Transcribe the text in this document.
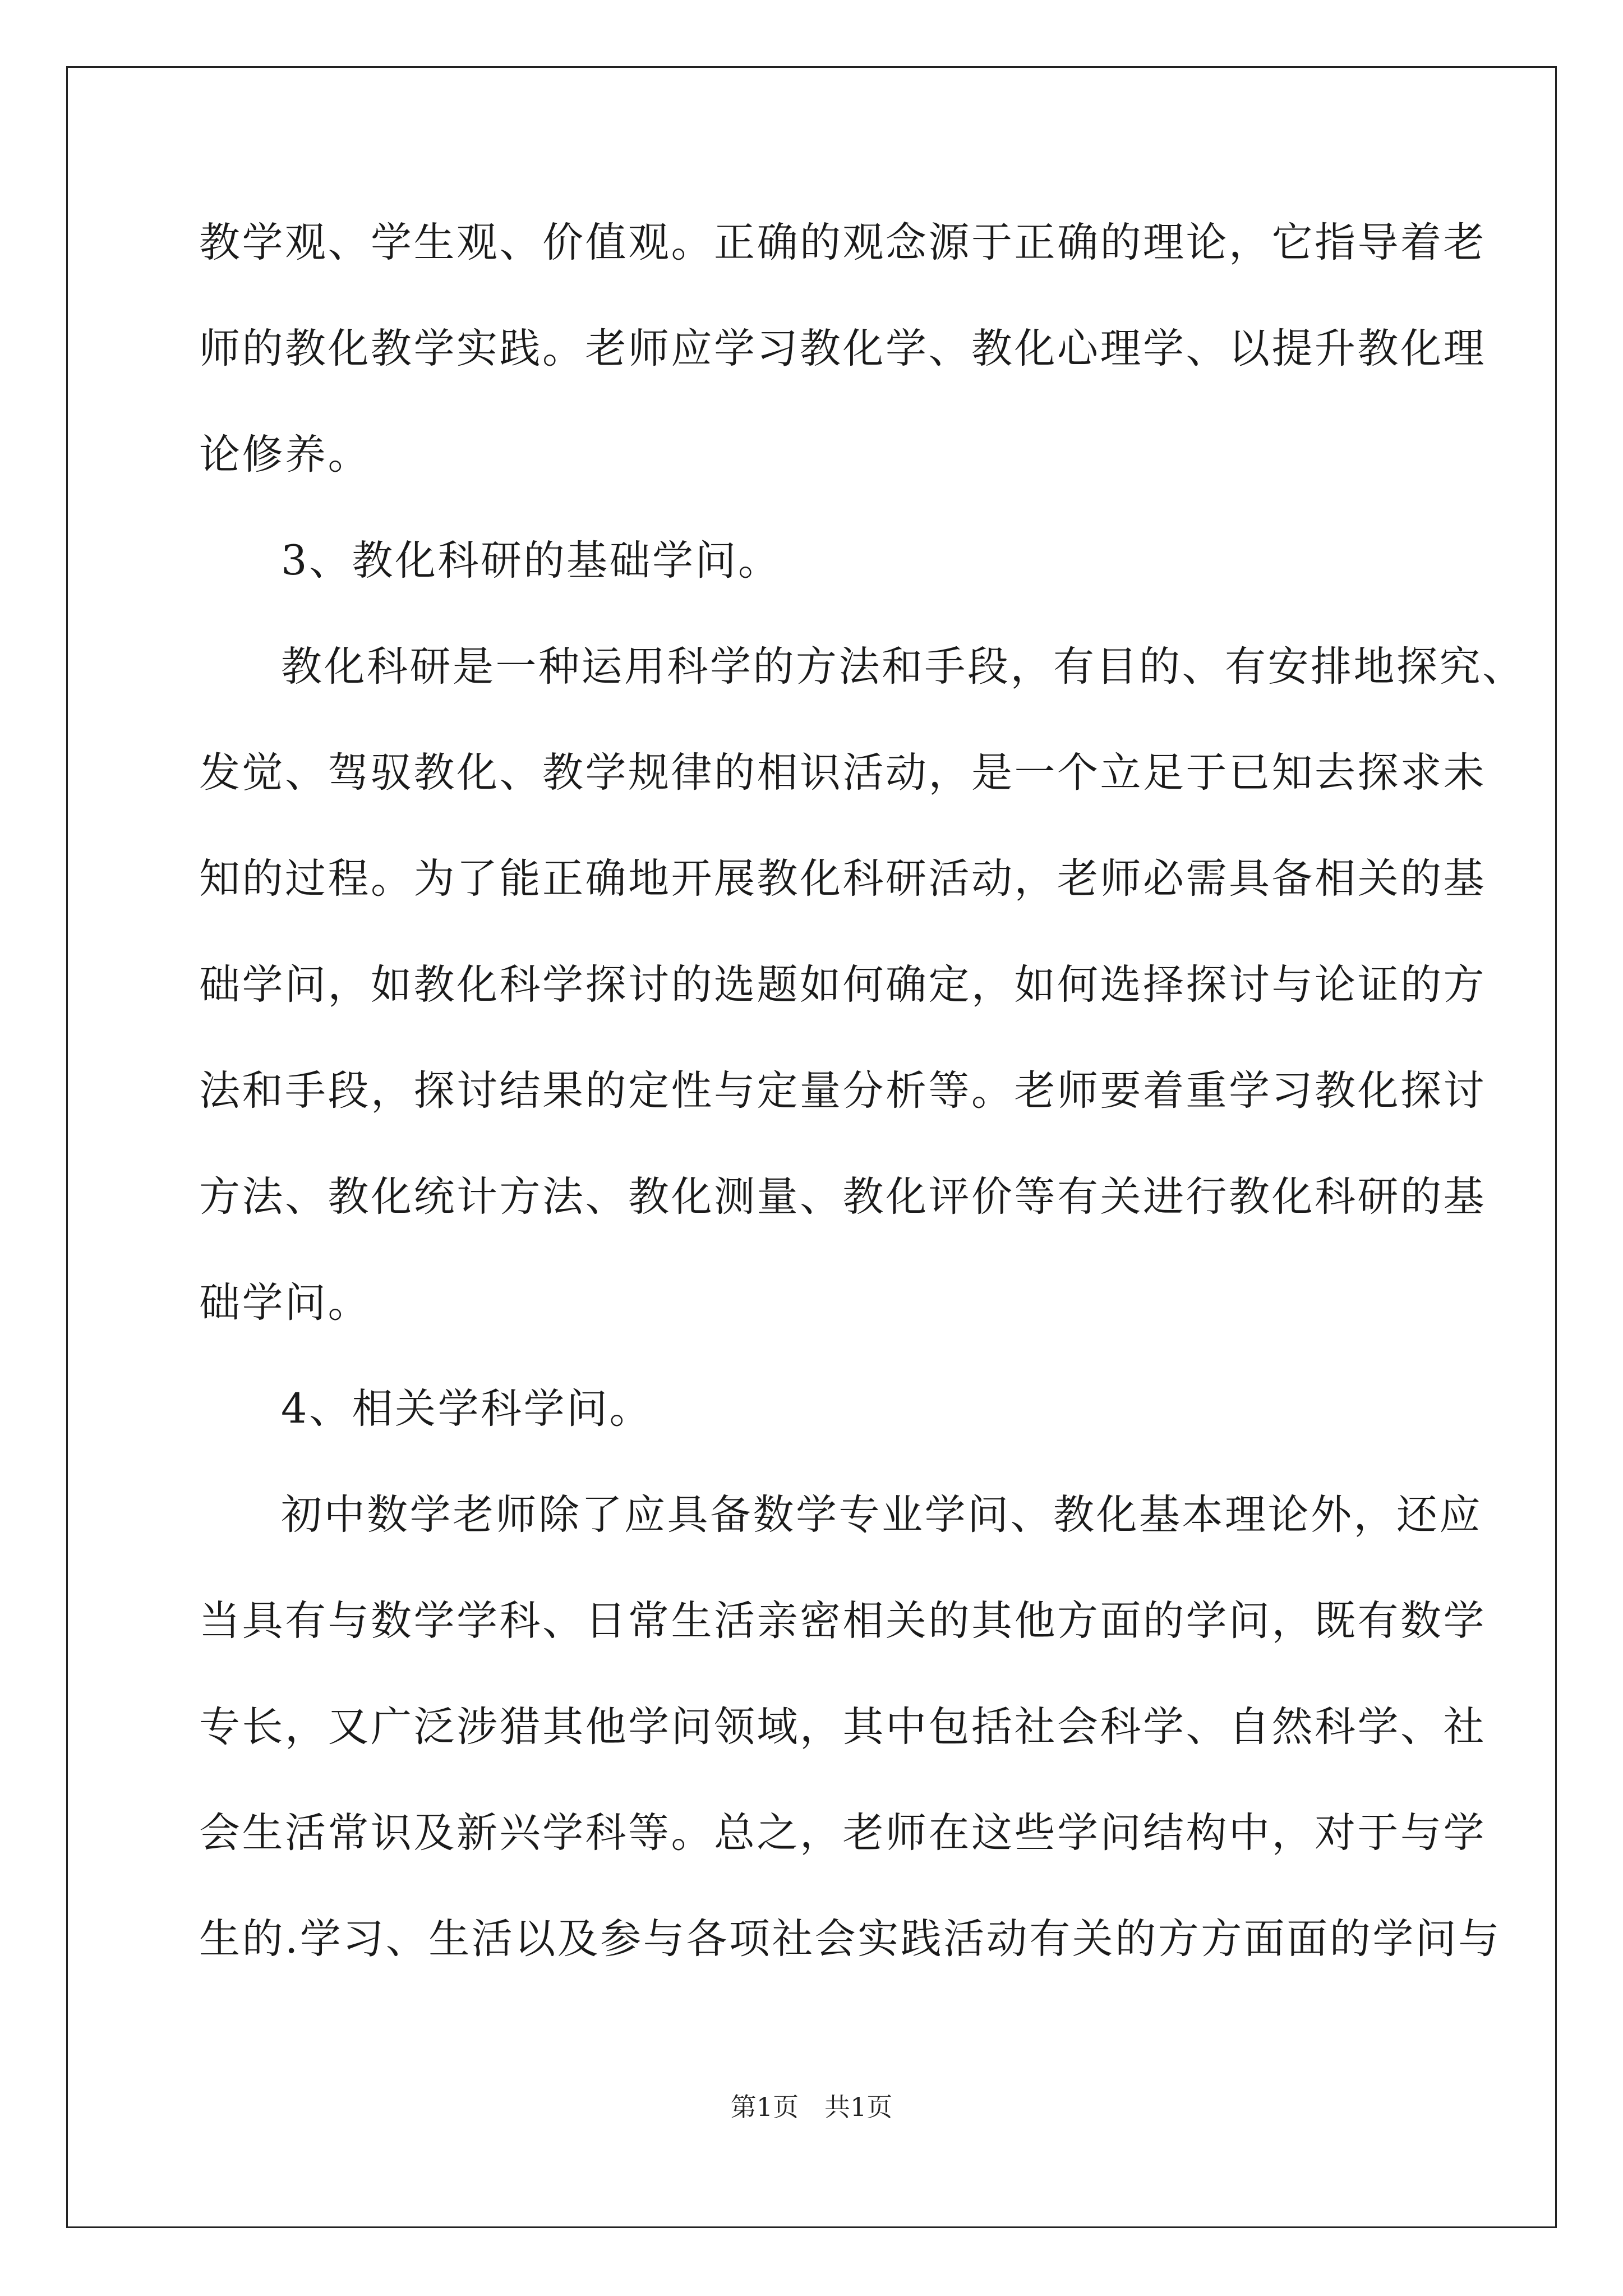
教学观、学生观、价值观。正确的观念源于正确的理论，它指导着老
师的教化教学实践。老师应学习教化学、教化心理学、以提升教化理
论修养。
3、教化科研的基础学问。
教化科研是一种运用科学的方法和手段，有目的、有安排地探究、
发觉、驾驭教化、教学规律的相识活动，是一个立足于已知去探求未
知的过程。为了能正确地开展教化科研活动，老师必需具备相关的基
础学问，如教化科学探讨的选题如何确定，如何选择探讨与论证的方
法和手段，探讨结果的定性与定量分析等。老师要着重学习教化探讨
方法、教化统计方法、教化测量、教化评价等有关进行教化科研的基
础学问。
4、相关学科学问。
初中数学老师除了应具备数学专业学问、教化基本理论外，还应
当具有与数学学科、日常生活亲密相关的其他方面的学问，既有数学
专长，又广泛涉猎其他学问领域，其中包括社会科学、自然科学、社
会生活常识及新兴学科等。总之，老师在这些学问结构中，对于与学
生的.学习、生活以及参与各项社会实践活动有关的方方面面的学问与
第1页　共1页
